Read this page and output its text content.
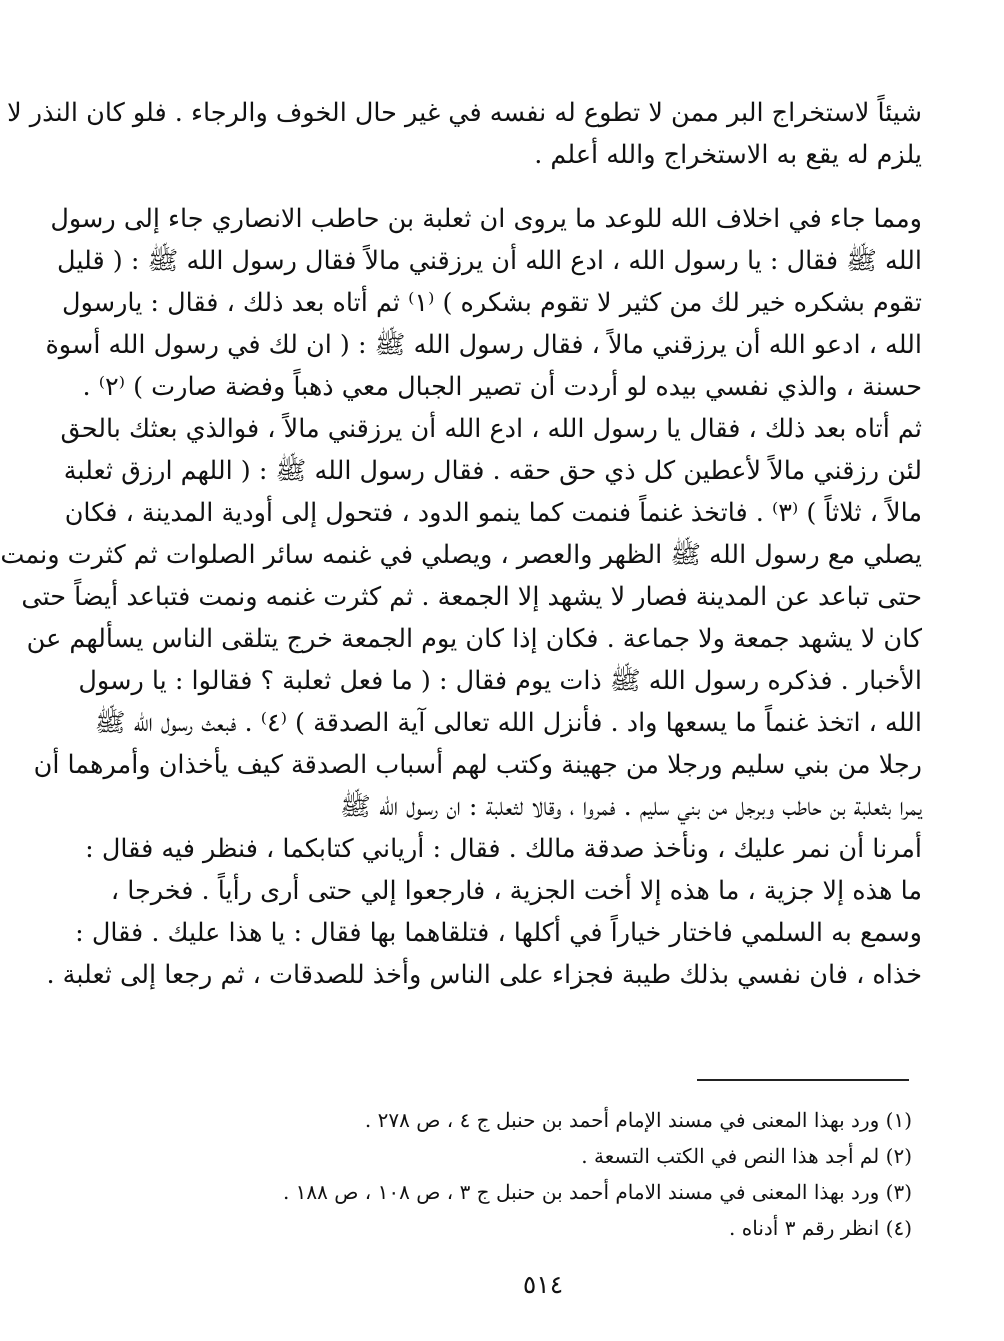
شيئاً لاستخراج البر ممن لا تطوع له نفسه في غير حال الخوف والرجاء . فلو كان النذر لا
يلزم له يقع به الاستخراج والله أعلم .
ومما جاء في اخلاف الله للوعد ما يروى ان ثعلبة بن حاطب الانصاري جاء إلى رسول
الله ﷺ فقال : يا رسول الله ، ادع الله أن يرزقني مالاً فقال رسول الله ﷺ : ( قليل
تقوم بشكره خير لك من كثير لا تقوم بشكره ) ⁽١⁾ ثم أتاه بعد ذلك ، فقال : يارسول
الله ، ادعو الله أن يرزقني مالاً ، فقال رسول الله ﷺ : ( ان لك في رسول الله أسوة
حسنة ، والذي نفسي بيده لو أردت أن تصير الجبال معي ذهباً وفضة صارت ) ⁽٢⁾ .
ثم أتاه بعد ذلك ، فقال يا رسول الله ، ادع الله أن يرزقني مالاً ، فوالذي بعثك بالحق
لئن رزقني مالاً لأعطين كل ذي حق حقه . فقال رسول الله ﷺ : ( اللهم ارزق ثعلبة
مالاً ، ثلاثاً ) ⁽٣⁾ . فاتخذ غنماً فنمت كما ينمو الدود ، فتحول إلى أودية المدينة ، فكان
يصلي مع رسول الله ﷺ الظهر والعصر ، ويصلي في غنمه سائر الصلوات ثم كثرت ونمت
حتى تباعد عن المدينة فصار لا يشهد إلا الجمعة . ثم كثرت غنمه ونمت فتباعد أيضاً حتى
كان لا يشهد جمعة ولا جماعة . فكان إذا كان يوم الجمعة خرج يتلقى الناس يسألهم عن
الأخبار . فذكره رسول الله ﷺ ذات يوم فقال : ( ما فعل ثعلبة ؟ فقالوا : يا رسول
الله ، اتخذ غنماً ما يسعها واد . فأنزل الله تعالى آية الصدقة ) ⁽٤⁾ . فبعث رسول الله ﷺ
رجلا من بني سليم ورجلا من جهينة وكتب لهم أسباب الصدقة كيف يأخذان وأمرهما أن
يمرا بثعلبة بن حاطب وبرجل من بني سليم . فمروا ، وقالا لثعلبة : ان رسول الله ﷺ
أمرنا أن نمر عليك ، ونأخذ صدقة مالك . فقال : أرياني كتابكما ، فنظر فيه فقال :
ما هذه إلا جزية ، ما هذه إلا أخت الجزية ، فارجعوا إلي حتى أرى رأياً . فخرجا ،
وسمع به السلمي فاختار خياراً في أكلها ، فتلقاهما بها فقال : يا هذا عليك . فقال :
خذاه ، فان نفسي بذلك طيبة فجزاء على الناس وأخذ للصدقات ، ثم رجعا إلى ثعلبة .
(١) ورد بهذا المعنى في مسند الإمام أحمد بن حنبل ج ٤ ، ص ٢٧٨ .
(٢) لم أجد هذا النص في الكتب التسعة .
(٣) ورد بهذا المعنى في مسند الامام أحمد بن حنبل ج ٣ ، ص ١٠٨ ، ص ١٨٨ .
(٤) انظر رقم ٣ أدناه .
٥١٤
